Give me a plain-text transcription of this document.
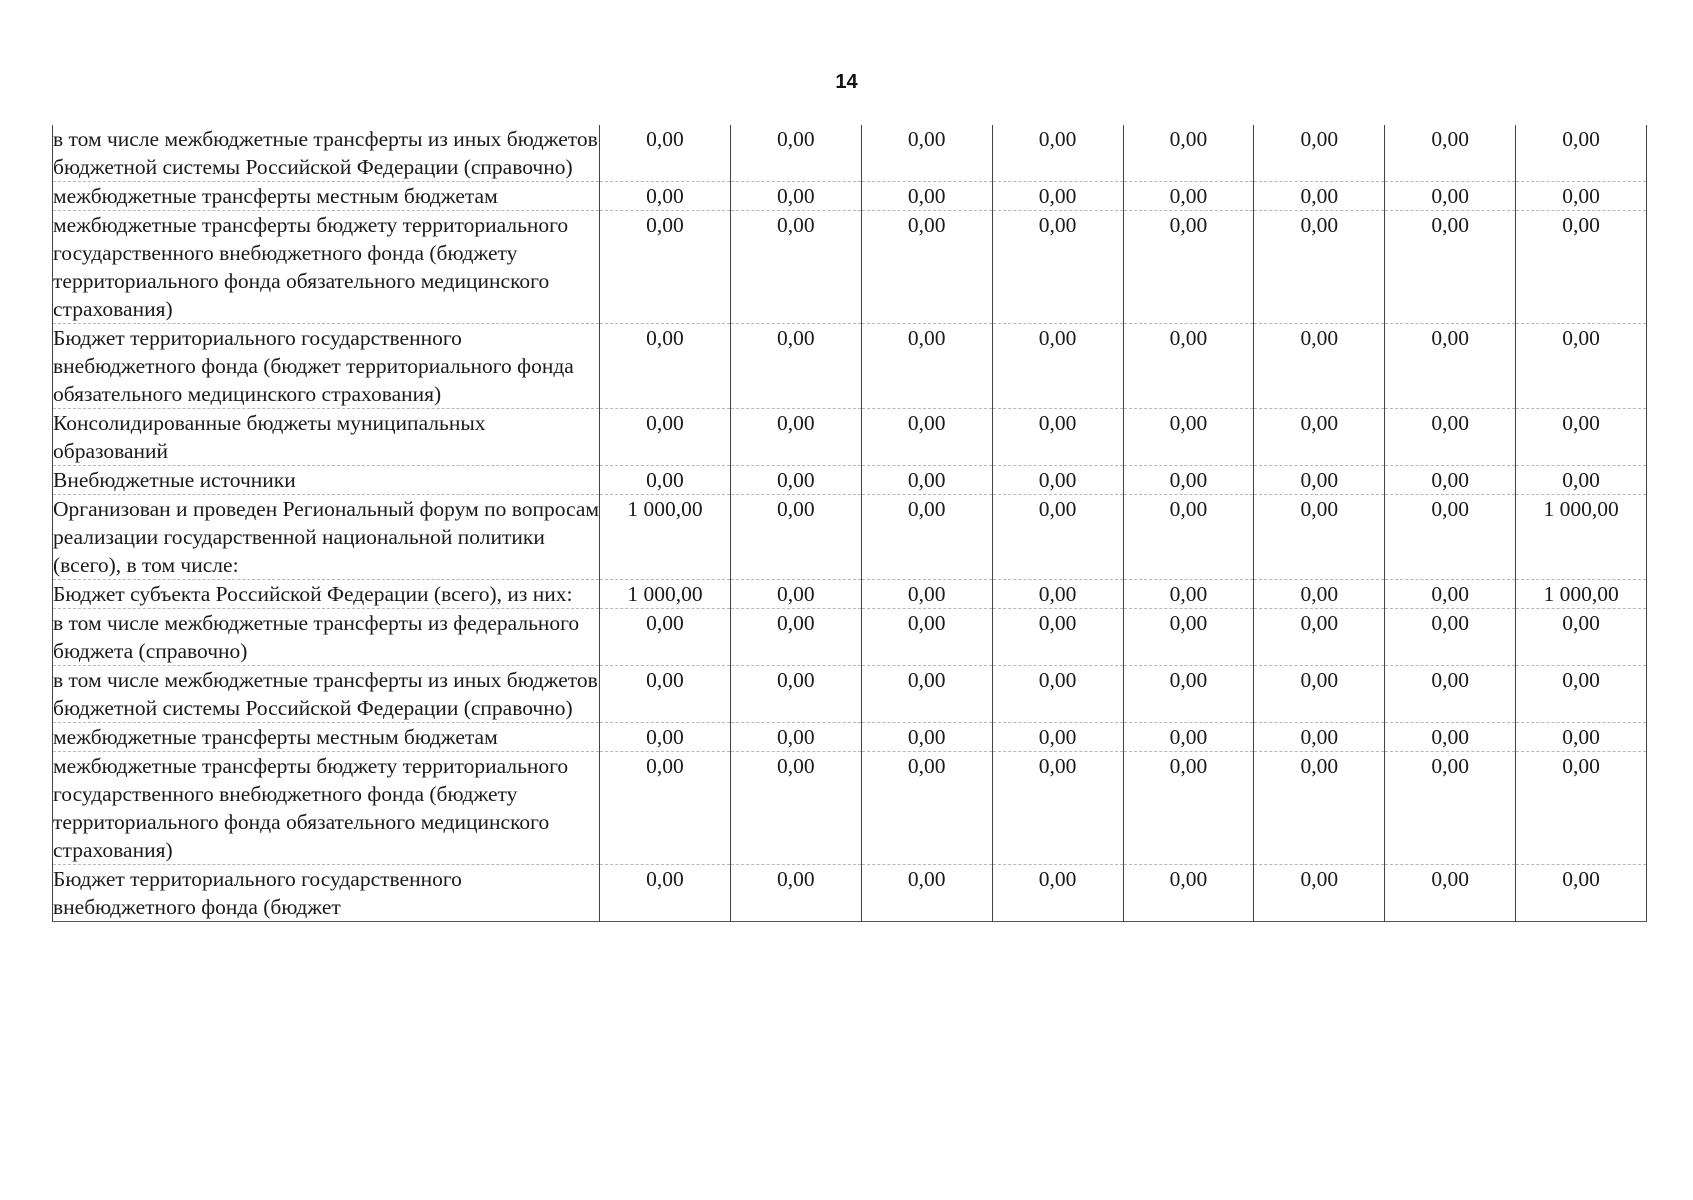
14
в том числе межбюджетные трансферты из иных бюджетов бюджетной системы Российской Федерации (справочно)	0,00	0,00	0,00	0,00	0,00	0,00	0,00	0,00
межбюджетные трансферты местным бюджетам	0,00	0,00	0,00	0,00	0,00	0,00	0,00	0,00
межбюджетные трансферты бюджету территориального государственного внебюджетного фонда (бюджету территориального фонда обязательного медицинского страхования)	0,00	0,00	0,00	0,00	0,00	0,00	0,00	0,00
Бюджет территориального государственного внебюджетного фонда (бюджет территориального фонда обязательного медицинского страхования)	0,00	0,00	0,00	0,00	0,00	0,00	0,00	0,00
Консолидированные бюджеты муниципальных образований	0,00	0,00	0,00	0,00	0,00	0,00	0,00	0,00
Внебюджетные источники	0,00	0,00	0,00	0,00	0,00	0,00	0,00	0,00
Организован и проведен Региональный форум по вопросам реализации государственной национальной политики (всего), в том числе:	1 000,00	0,00	0,00	0,00	0,00	0,00	0,00	1 000,00
Бюджет субъекта Российской Федерации (всего), из них:	1 000,00	0,00	0,00	0,00	0,00	0,00	0,00	1 000,00
в том числе межбюджетные трансферты из федерального бюджета (справочно)	0,00	0,00	0,00	0,00	0,00	0,00	0,00	0,00
в том числе межбюджетные трансферты из иных бюджетов бюджетной системы Российской Федерации (справочно)	0,00	0,00	0,00	0,00	0,00	0,00	0,00	0,00
межбюджетные трансферты местным бюджетам	0,00	0,00	0,00	0,00	0,00	0,00	0,00	0,00
межбюджетные трансферты бюджету территориального государственного внебюджетного фонда (бюджету территориального фонда обязательного медицинского страхования)	0,00	0,00	0,00	0,00	0,00	0,00	0,00	0,00
Бюджет территориального государственного внебюджетного фонда (бюджет	0,00	0,00	0,00	0,00	0,00	0,00	0,00	0,00
